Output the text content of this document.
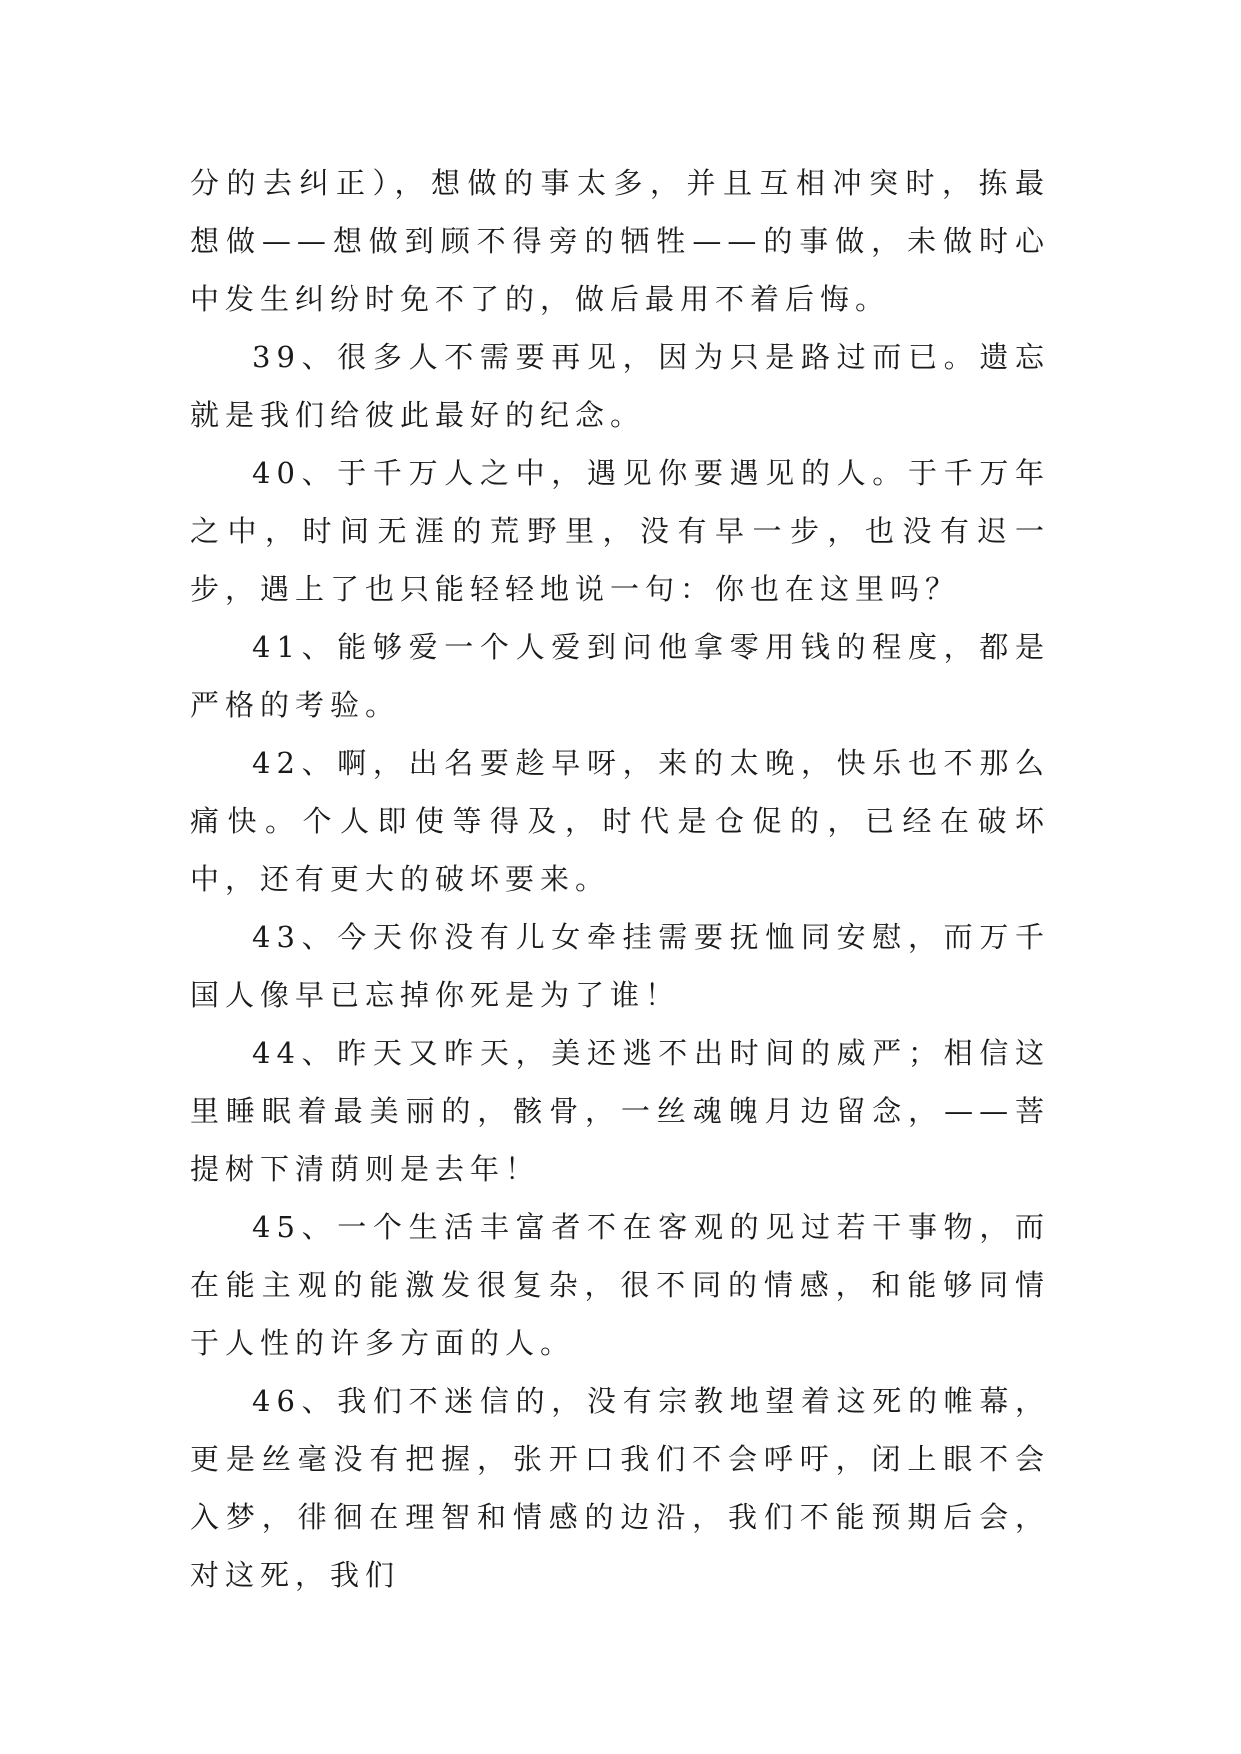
分的去纠正），想做的事太多，并且互相冲突时，拣最想做——想做到顾不得旁的牺牲——的事做，未做时心中发生纠纷时免不了的，做后最用不着后悔。

39、很多人不需要再见，因为只是路过而已。遗忘就是我们给彼此最好的纪念。

40、于千万人之中，遇见你要遇见的人。于千万年之中，时间无涯的荒野里，没有早一步，也没有迟一步，遇上了也只能轻轻地说一句：你也在这里吗？

41、能够爱一个人爱到问他拿零用钱的程度，都是严格的考验。

42、啊，出名要趁早呀，来的太晚，快乐也不那么痛快。个人即使等得及，时代是仓促的，已经在破坏中，还有更大的破坏要来。

43、今天你没有儿女牵挂需要抚恤同安慰，而万千国人像早已忘掉你死是为了谁！

44、昨天又昨天，美还逃不出时间的威严；相信这里睡眠着最美丽的，骸骨，一丝魂魄月边留念，——菩提树下清荫则是去年！

45、一个生活丰富者不在客观的见过若干事物，而在能主观的能激发很复杂，很不同的情感，和能够同情于人性的许多方面的人。

46、我们不迷信的，没有宗教地望着这死的帷幕，更是丝毫没有把握，张开口我们不会呼吁，闭上眼不会入梦，徘徊在理智和情感的边沿，我们不能预期后会，对这死，我们
